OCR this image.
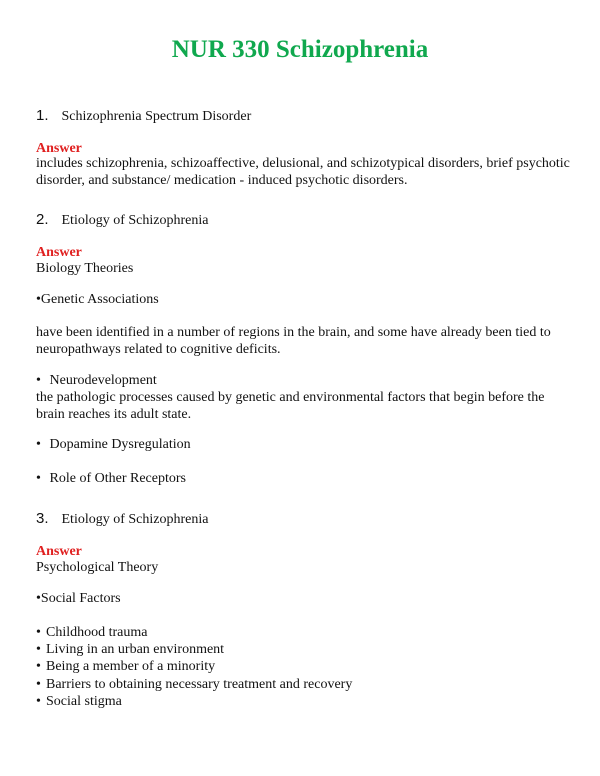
NUR 330 Schizophrenia
1. Schizophrenia Spectrum Disorder
Answer
includes schizophrenia, schizoaffective, delusional, and schizotypical disorders, brief psychotic disorder, and substance/ medication - induced psychotic disorders.
2. Etiology of Schizophrenia
Answer
Biology Theories
•Genetic Associations
have been identified in a number of regions in the brain, and some have already been tied to neuropathways related to cognitive deficits.
• Neurodevelopment
the pathologic processes caused by genetic and environmental factors that begin before the brain reaches its adult state.
• Dopamine Dysregulation
• Role of Other Receptors
3. Etiology of Schizophrenia
Answer
Psychological Theory
•Social Factors
• Childhood trauma
• Living in an urban environment
• Being a member of a minority
• Barriers to obtaining necessary treatment and recovery
• Social stigma
